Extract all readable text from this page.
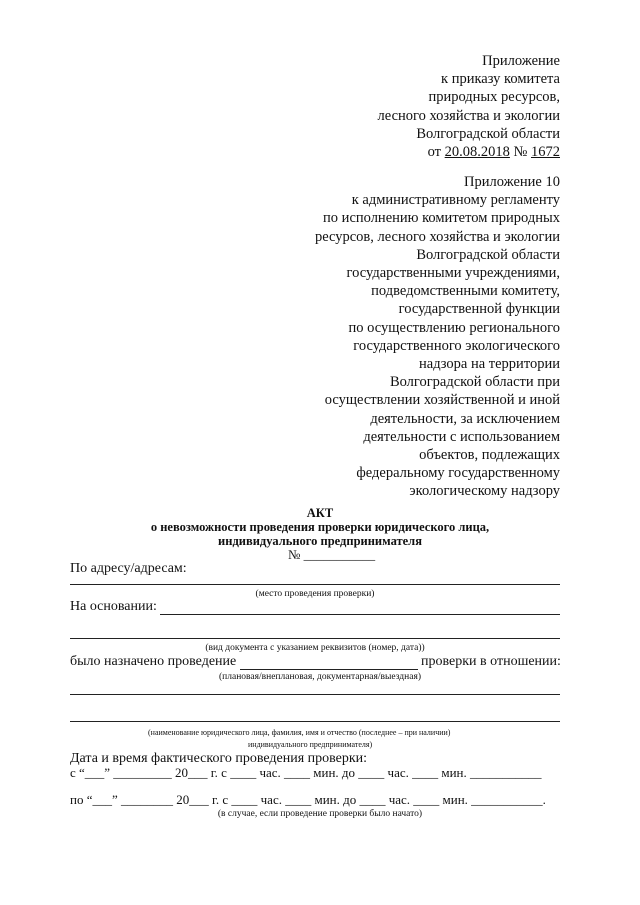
Приложение
к приказу комитета
природных ресурсов,
лесного хозяйства и экологии
Волгоградской области
от 20.08.2018 № 1672
Приложение 10
к административному регламенту
по исполнению комитетом природных
ресурсов, лесного хозяйства и экологии
Волгоградской области
государственными учреждениями,
подведомственными комитету,
государственной функции
по осуществлению регионального
государственного экологического
надзора на территории
Волгоградской области при
осуществлении хозяйственной и иной
деятельности, за исключением
деятельности с использованием
объектов, подлежащих
федеральному государственному
экологическому надзору
АКТ
о невозможности проведения проверки юридического лица,
индивидуального предпринимателя
№ ___________
По адресу/адресам:
(место проведения проверки)
На основании:
(вид документа с указанием реквизитов (номер, дата))
было назначено проведение	проверки в отношении:
(плановая/внеплановая, документарная/выездная)
(наименование юридического лица, фамилия, имя и отчество (последнее – при наличии)
индивидуального предпринимателя)
Дата и время фактического проведения проверки:
с “___” _________ 20___ г. с ____ час. ____ мин. до ____ час. ____ мин. ___________
по “___” ________ 20___ г. с ____ час. ____ мин. до ____ час. ____ мин. ___________.
(в случае, если проведение проверки было начато)
